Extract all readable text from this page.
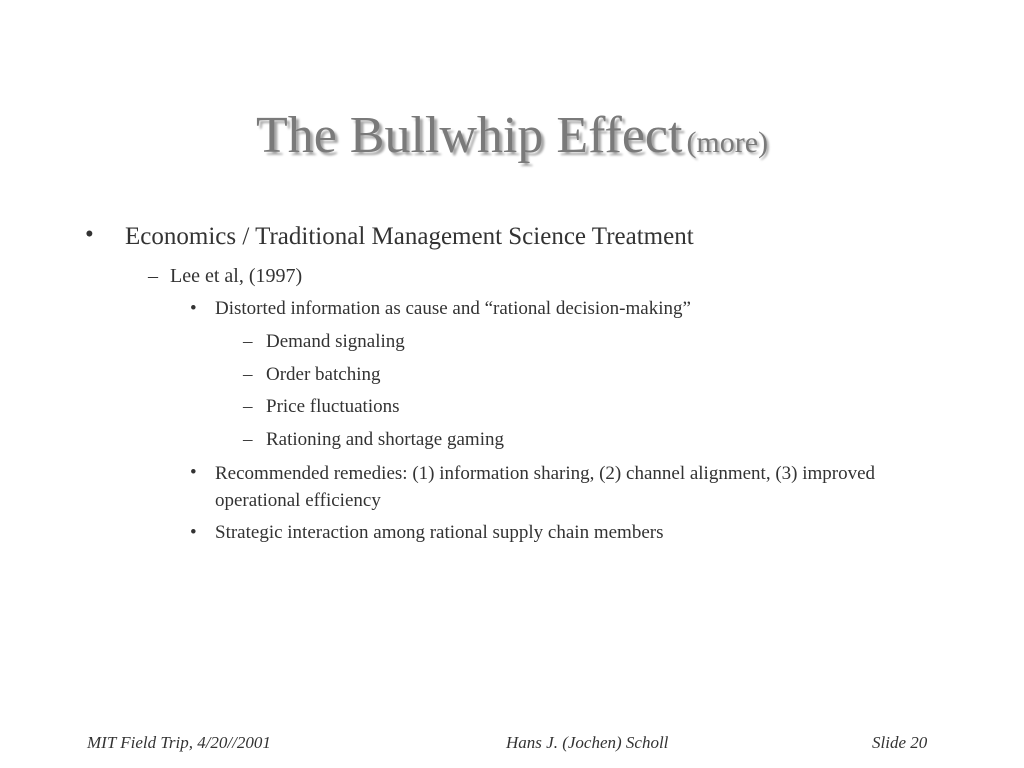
The Bullwhip Effect (more)
• Economics / Traditional Management Science Treatment
– Lee et al, (1997)
• Distorted information as cause and “rational decision-making”
– Demand signaling
– Order batching
– Price fluctuations
– Rationing and shortage gaming
• Recommended remedies: (1) information sharing, (2) channel alignment, (3) improved operational efficiency
• Strategic interaction among rational supply chain members
MIT Field Trip, 4/20//2001	Hans J. (Jochen) Scholl	Slide 20
